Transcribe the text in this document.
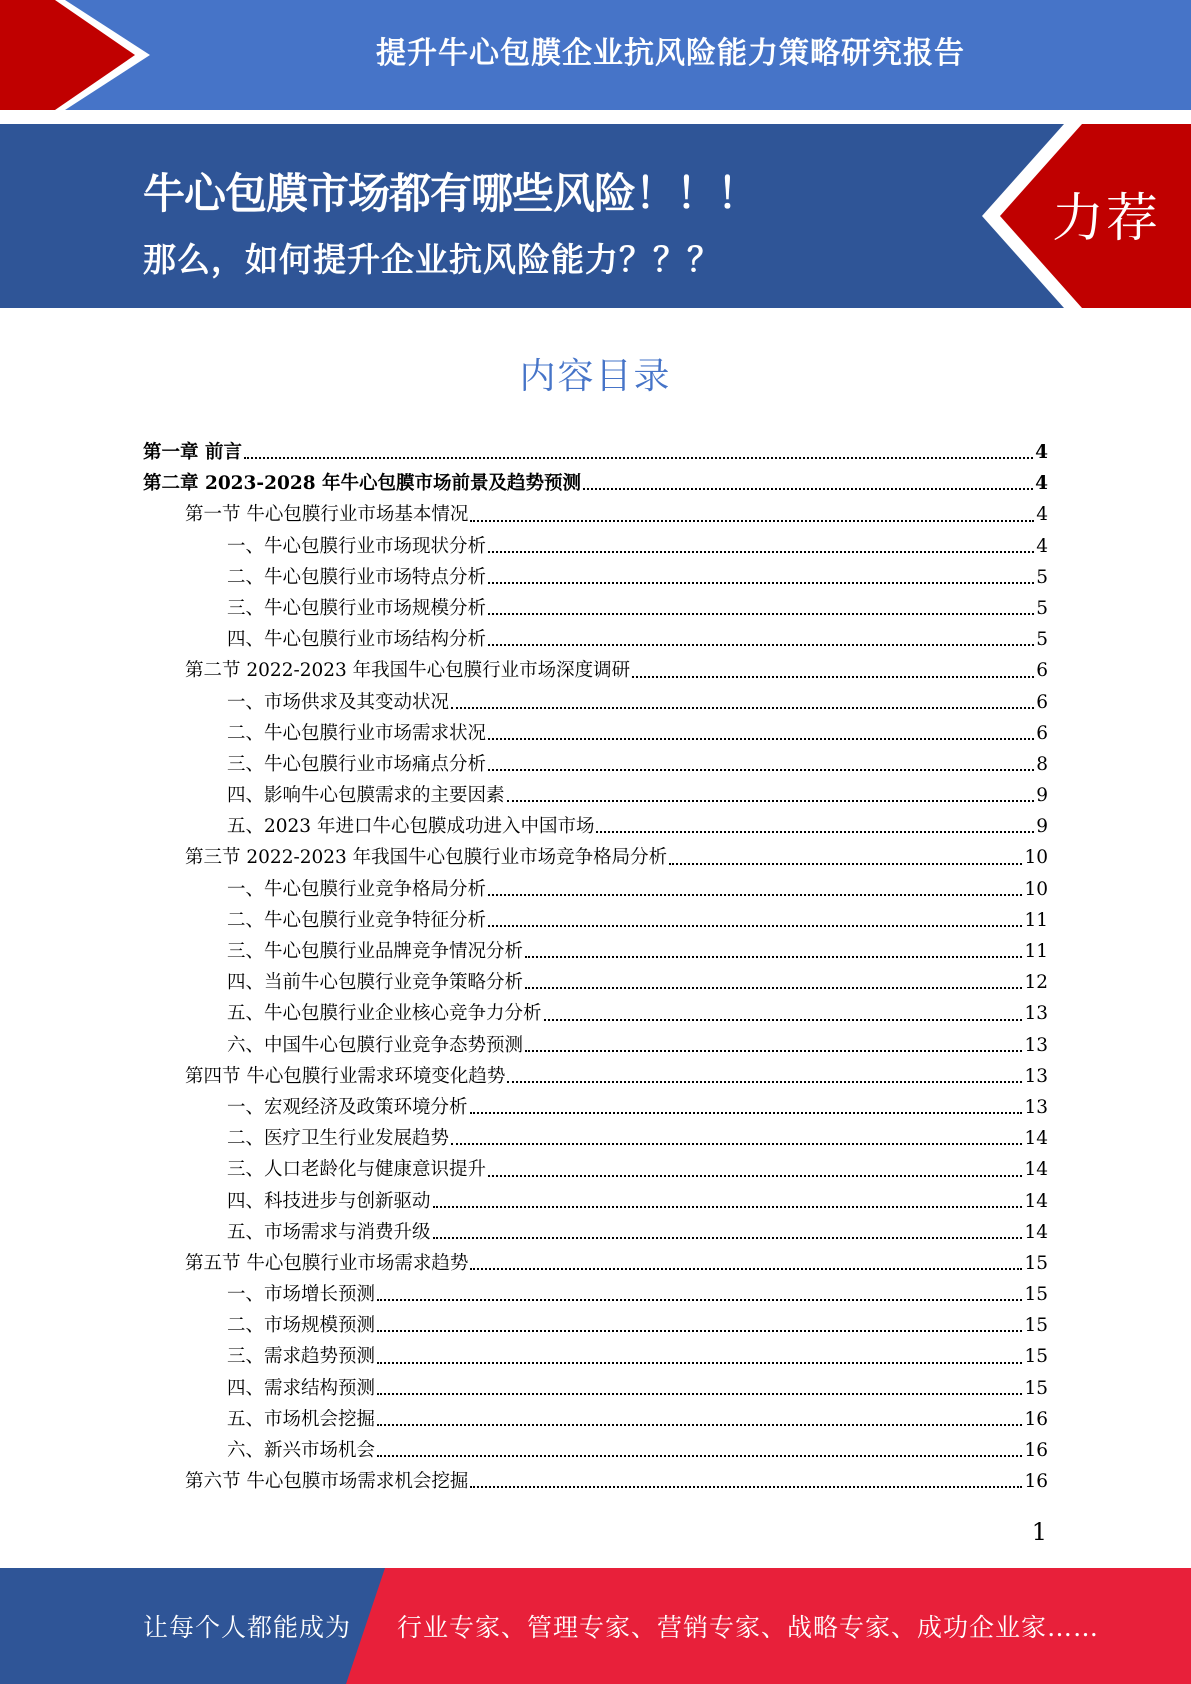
提升牛心包膜企业抗风险能力策略研究报告
牛心包膜市场都有哪些风险！！！
那么，如何提升企业抗风险能力？？？
力荐
内容目录
第一章 前言	4
第二章 2023-2028 年牛心包膜市场前景及趋势预测	4
第一节 牛心包膜行业市场基本情况	4
一、牛心包膜行业市场现状分析	4
二、牛心包膜行业市场特点分析	5
三、牛心包膜行业市场规模分析	5
四、牛心包膜行业市场结构分析	5
第二节 2022-2023 年我国牛心包膜行业市场深度调研	6
一、市场供求及其变动状况	6
二、牛心包膜行业市场需求状况	6
三、牛心包膜行业市场痛点分析	8
四、影响牛心包膜需求的主要因素	9
五、2023 年进口牛心包膜成功进入中国市场	9
第三节 2022-2023 年我国牛心包膜行业市场竞争格局分析	10
一、牛心包膜行业竞争格局分析	10
二、牛心包膜行业竞争特征分析	11
三、牛心包膜行业品牌竞争情况分析	11
四、当前牛心包膜行业竞争策略分析	12
五、牛心包膜行业企业核心竞争力分析	13
六、中国牛心包膜行业竞争态势预测	13
第四节 牛心包膜行业需求环境变化趋势	13
一、宏观经济及政策环境分析	13
二、医疗卫生行业发展趋势	14
三、人口老龄化与健康意识提升	14
四、科技进步与创新驱动	14
五、市场需求与消费升级	14
第五节 牛心包膜行业市场需求趋势	15
一、市场增长预测	15
二、市场规模预测	15
三、需求趋势预测	15
四、需求结构预测	15
五、市场机会挖掘	16
六、新兴市场机会	16
第六节 牛心包膜市场需求机会挖掘	16
1
让每个人都能成为 行业专家、管理专家、营销专家、战略专家、成功企业家……
